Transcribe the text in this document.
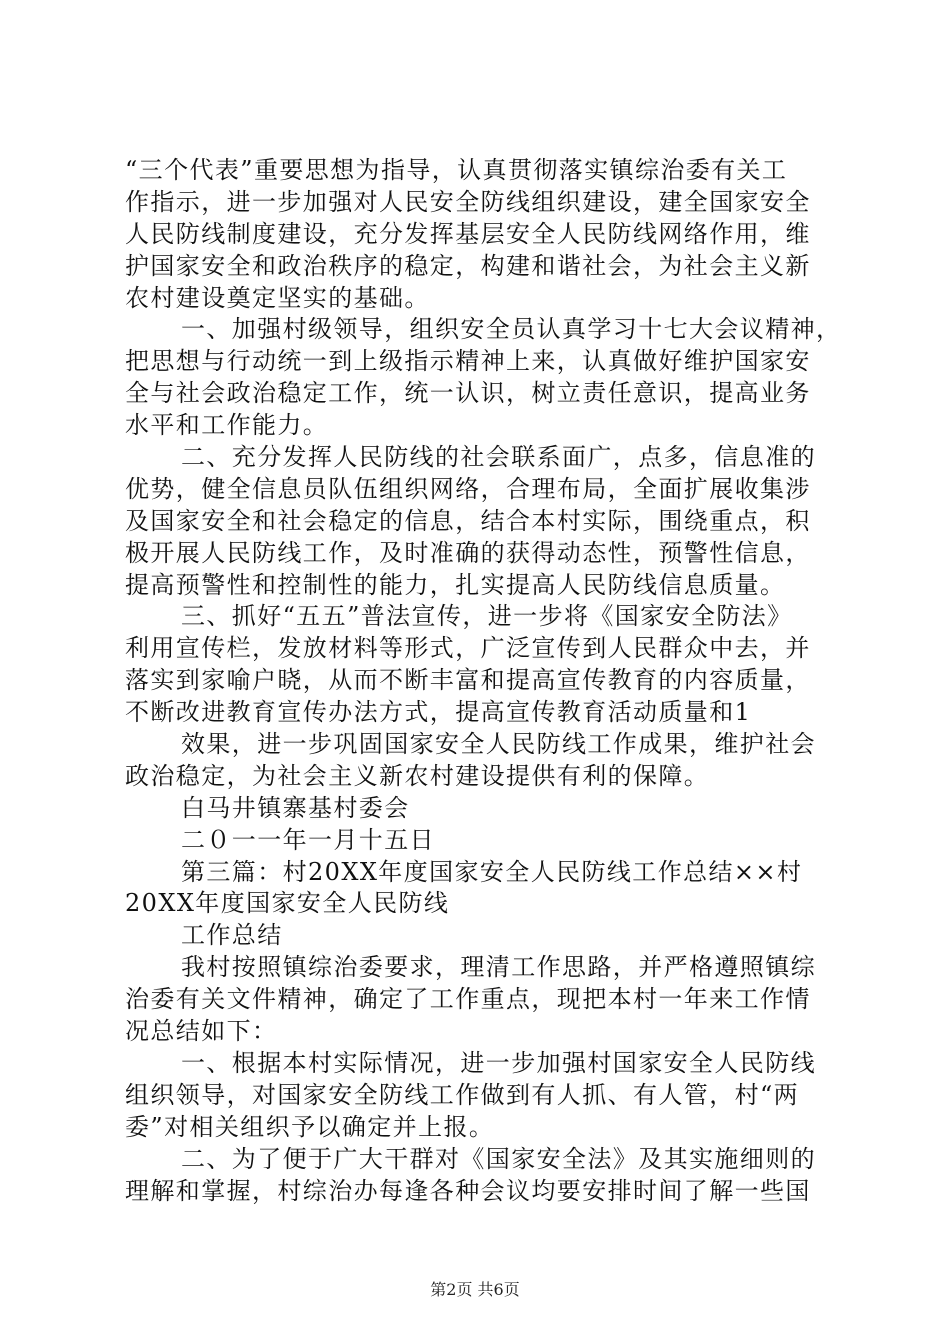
“三个代表”重要思想为指导，认真贯彻落实镇综治委有关工
作指示，进一步加强对人民安全防线组织建设，建全国家安全
人民防线制度建设，充分发挥基层安全人民防线网络作用，维
护国家安全和政治秩序的稳定，构建和谐社会，为社会主义新
农村建设奠定坚实的基础。
一、加强村级领导，组织安全员认真学习十七大会议精神，
把思想与行动统一到上级指示精神上来，认真做好维护国家安
全与社会政治稳定工作，统一认识，树立责任意识，提高业务
水平和工作能力。
二、充分发挥人民防线的社会联系面广，点多，信息准的
优势，健全信息员队伍组织网络，合理布局，全面扩展收集涉
及国家安全和社会稳定的信息，结合本村实际，围绕重点，积
极开展人民防线工作，及时准确的获得动态性，预警性信息，
提高预警性和控制性的能力，扎实提高人民防线信息质量。
三、抓好“五五”普法宣传，进一步将《国家安全防法》
利用宣传栏，发放材料等形式，广泛宣传到人民群众中去，并
落实到家喻户晓，从而不断丰富和提高宣传教育的内容质量，
不断改进教育宣传办法方式，提高宣传教育活动质量和1
效果，进一步巩固国家安全人民防线工作成果，维护社会
政治稳定，为社会主义新农村建设提供有利的保障。
白马井镇寨基村委会
二０一一年一月十五日
第三篇：村20XX年度国家安全人民防线工作总结××村
20XX年度国家安全人民防线
工作总结
我村按照镇综治委要求，理清工作思路，并严格遵照镇综
治委有关文件精神，确定了工作重点，现把本村一年来工作情
况总结如下：
一、根据本村实际情况，进一步加强村国家安全人民防线
组织领导，对国家安全防线工作做到有人抓、有人管，村“两
委”对相关组织予以确定并上报。
二、为了便于广大干群对《国家安全法》及其实施细则的
理解和掌握，村综治办每逢各种会议均要安排时间了解一些国
第2页 共6页
